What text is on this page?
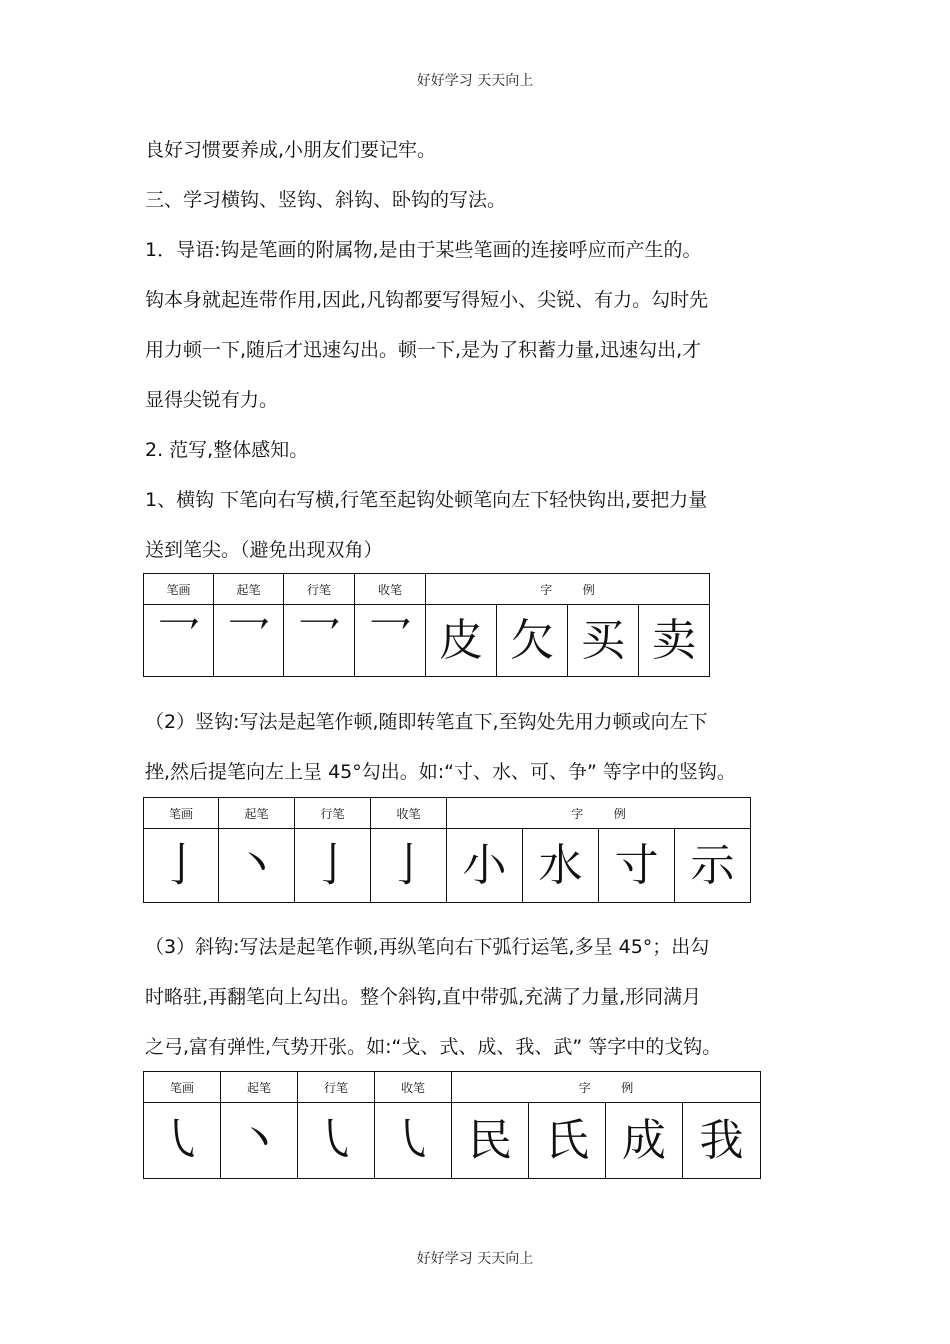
好好学习 天天向上
良好习惯要养成,小朋友们要记牢。
三、学习横钩、竖钩、斜钩、卧钩的写法。
1．导语:钩是笔画的附属物,是由于某些笔画的连接呼应而产生的。
钩本身就起连带作用,因此,凡钩都要写得短小、尖锐、有力。勾时先
用力顿一下,随后才迅速勾出。顿一下,是为了积蓄力量,迅速勾出,才
显得尖锐有力。
2. 范写,整体感知。
1、横钩 下笔向右写横,行笔至起钩处顿笔向左下轻快钩出,要把力量
送到笔尖。（避免出现双角）
笔画	起笔	行笔	收笔	字        例			
乛	乛	乛	乛	皮	欠	买	卖
（2）竖钩:写法是起笔作顿,随即转笔直下,至钩处先用力顿或向左下
挫,然后提笔向左上呈 45°勾出。如:“寸、水、可、争” 等字中的竖钩。
笔画	起笔	行笔	收笔	字        例			
亅	丶	亅	亅	小	水	寸	示
（3）斜钩:写法是起笔作顿,再纵笔向右下弧行运笔,多呈 45°；出勾
时略驻,再翻笔向上勾出。整个斜钩,直中带弧,充满了力量,形同满月
之弓,富有弹性,气势开张。如:“戈、式、成、我、武” 等字中的戈钩。
笔画	起笔	行笔	收笔	字        例			
㇂	丶	㇂	㇂	民	氏	成	我
好好学习 天天向上
